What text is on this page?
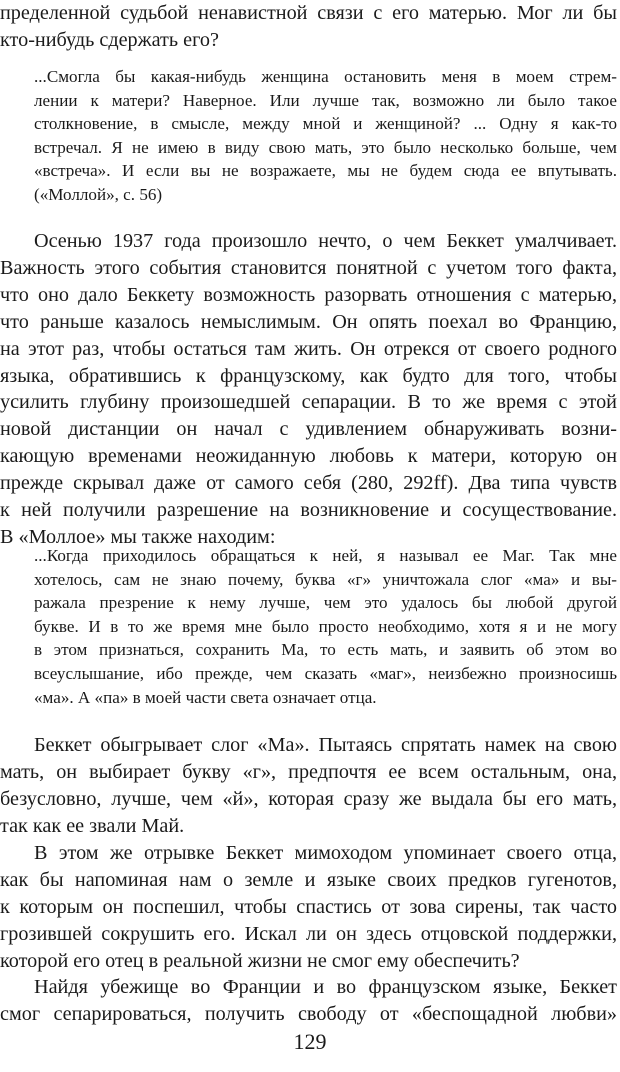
пределенной судьбой ненавистной связи с его матерью. Мог ли бы
кто-нибудь сдержать его?

...Смогла бы какая-нибудь женщина остановить меня в моем стрем-
лении к матери? Наверное. Или лучше так, возможно ли было такое
столкновение, в смысле, между мной и женщиной? ... Одну я как-то
встречал. Я не имею в виду свою мать, это было несколько больше, чем
«встреча». И если вы не возражаете, мы не будем сюда ее впутывать.
(«Моллой», с. 56)

Осенью 1937 года произошло нечто, о чем Беккет умалчивает.
Важность этого события становится понятной с учетом того факта,
что оно дало Беккету возможность разорвать отношения с матерью,
что раньше казалось немыслимым. Он опять поехал во Францию,
на этот раз, чтобы остаться там жить. Он отрекся от своего родного
языка, обратившись к французскому, как будто для того, чтобы
усилить глубину произошедшей сепарации. В то же время с этой
новой дистанции он начал с удивлением обнаруживать возни-
кающую временами неожиданную любовь к матери, которую он
прежде скрывал даже от самого себя (280, 292ff). Два типа чувств
к ней получили разрешение на возникновение и сосуществование.
В «Моллое» мы также находим:

...Когда приходилось обращаться к ней, я называл ее Маг. Так мне
хотелось, сам не знаю почему, буква «г» уничтожала слог «ма» и вы-
ражала презрение к нему лучше, чем это удалось бы любой другой
букве. И в то же время мне было просто необходимо, хотя я и не могу
в этом признаться, сохранить Ма, то есть мать, и заявить об этом во
всеуслышание, ибо прежде, чем сказать «маг», неизбежно произносишь
«ма». А «па» в моей части света означает отца.

Беккет обыгрывает слог «Ма». Пытаясь спрятать намек на свою
мать, он выбирает букву «г», предпочтя ее всем остальным, она,
безусловно, лучше, чем «й», которая сразу же выдала бы его мать,
так как ее звали Май.

В этом же отрывке Беккет мимоходом упоминает своего отца,
как бы напоминая нам о земле и языке своих предков гугенотов,
к которым он поспешил, чтобы спастись от зова сирены, так часто
грозившей сокрушить его. Искал ли он здесь отцовской поддержки,
которой его отец в реальной жизни не смог ему обеспечить?

Найдя убежище во Франции и во французском языке, Беккет
смог сепарироваться, получить свободу от «беспощадной любви»

129
